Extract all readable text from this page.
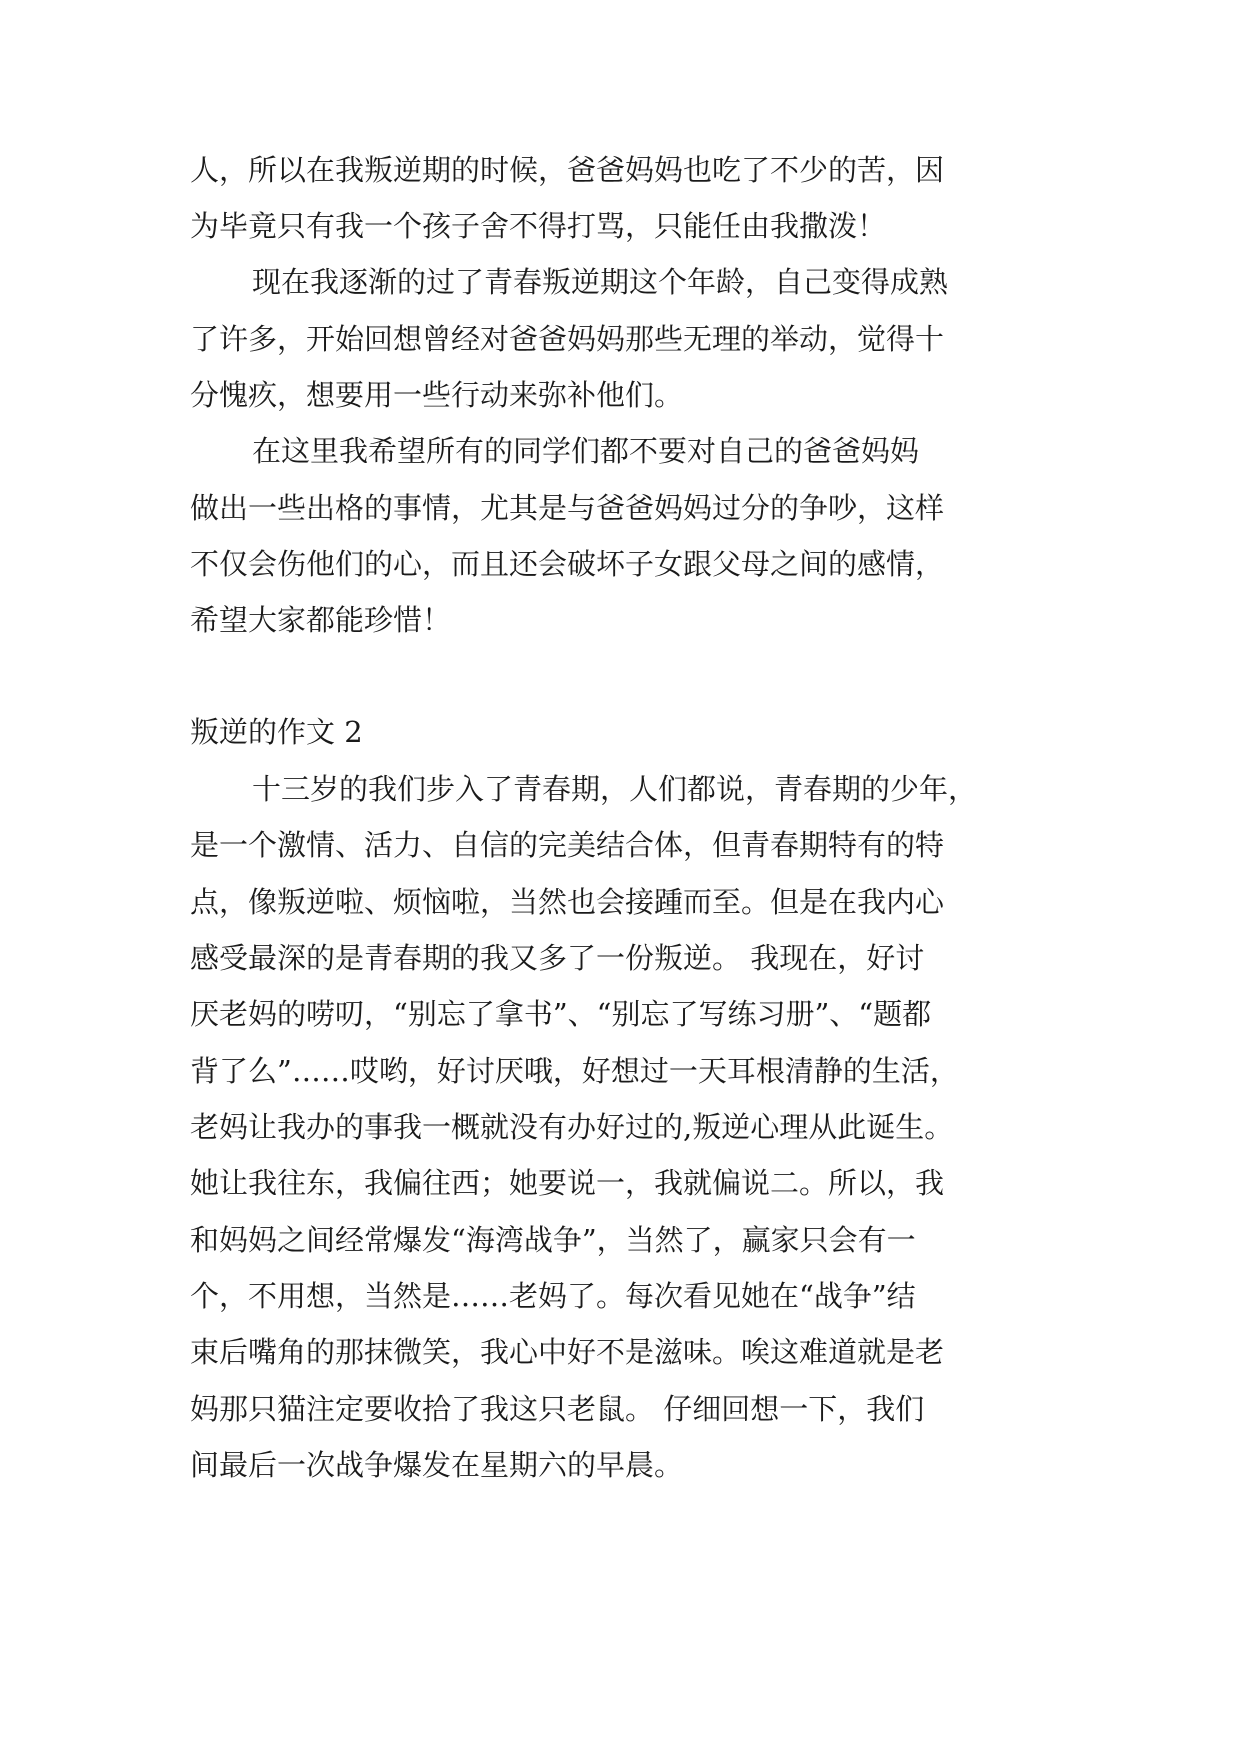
人，所以在我叛逆期的时候，爸爸妈妈也吃了不少的苦，因
为毕竟只有我一个孩子舍不得打骂，只能任由我撒泼！
现在我逐渐的过了青春叛逆期这个年龄，自己变得成熟
了许多，开始回想曾经对爸爸妈妈那些无理的举动，觉得十
分愧疚，想要用一些行动来弥补他们。
在这里我希望所有的同学们都不要对自己的爸爸妈妈
做出一些出格的事情，尤其是与爸爸妈妈过分的争吵，这样
不仅会伤他们的心，而且还会破坏子女跟父母之间的感情，
希望大家都能珍惜！
叛逆的作文 2
十三岁的我们步入了青春期，人们都说，青春期的少年，
是一个激情、活力、自信的完美结合体，但青春期特有的特
点，像叛逆啦、烦恼啦，当然也会接踵而至。但是在我内心
感受最深的是青春期的我又多了一份叛逆。 我现在，好讨
厌老妈的唠叨，“别忘了拿书”、“别忘了写练习册”、“题都
背了么”……哎哟，好讨厌哦，好想过一天耳根清静的生活，
老妈让我办的事我一概就没有办好过的,叛逆心理从此诞生。
她让我往东，我偏往西；她要说一，我就偏说二。所以，我
和妈妈之间经常爆发“海湾战争”，当然了，赢家只会有一
个，不用想，当然是……老妈了。每次看见她在“战争”结
束后嘴角的那抹微笑，我心中好不是滋味。唉这难道就是老
妈那只猫注定要收拾了我这只老鼠。 仔细回想一下，我们
间最后一次战争爆发在星期六的早晨。
